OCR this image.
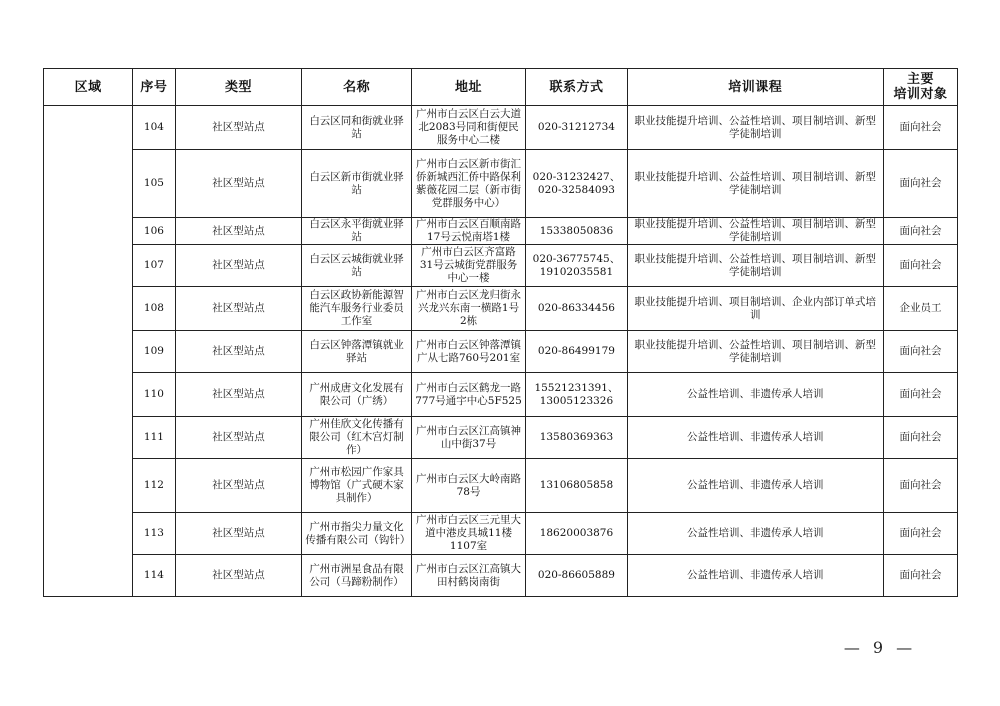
区域	序号	类型	名称	地址	联系方式	培训课程	主要
培训对象
	104	社区型站点	白云区同和街就业驿站	广州市白云区白云大道北2083号同和街便民服务中心二楼	020-31212734	职业技能提升培训、公益性培训、项目制培训、新型学徒制培训	面向社会
	105	社区型站点	白云区新市街就业驿站	广州市白云区新市街汇侨新城西汇侨中路保利紫薇花园二层（新市街党群服务中心）	020-31232427、020-32584093	职业技能提升培训、公益性培训、项目制培训、新型学徒制培训	面向社会
	106	社区型站点	白云区永平街就业驿站	广州市白云区百顺南路17号云悦南塔1楼	15338050836	职业技能提升培训、公益性培训、项目制培训、新型学徒制培训	面向社会
	107	社区型站点	白云区云城街就业驿站	广州市白云区齐富路31号云城街党群服务中心一楼	020-36775745、19102035581	职业技能提升培训、公益性培训、项目制培训、新型学徒制培训	面向社会
	108	社区型站点	白云区政协新能源智能汽车服务行业委员工作室	广州市白云区龙归街永兴龙兴东南一横路1号2栋	020-86334456	职业技能提升培训、项目制培训、企业内部订单式培训	企业员工
	109	社区型站点	白云区钟落潭镇就业驿站	广州市白云区钟落潭镇广从七路760号201室	020-86499179	职业技能提升培训、公益性培训、项目制培训、新型学徒制培训	面向社会
	110	社区型站点	广州成唐文化发展有限公司（广绣）	广州市白云区鹤龙一路777号通宇中心5F525	15521231391、13005123326	公益性培训、非遗传承人培训	面向社会
	111	社区型站点	广州佳欣文化传播有限公司（红木宫灯制作）	广州市白云区江高镇神山中街37号	13580369363	公益性培训、非遗传承人培训	面向社会
	112	社区型站点	广州市松园广作家具博物馆（广式硬木家具制作）	广州市白云区大岭南路78号	13106805858	公益性培训、非遗传承人培训	面向社会
	113	社区型站点	广州市指尖力量文化传播有限公司（钩针）	广州市白云区三元里大道中港皮具城11楼1107室	18620003876	公益性培训、非遗传承人培训	面向社会
	114	社区型站点	广州市洲星食品有限公司（马蹄粉制作）	广州市白云区江高镇大田村鹤岗南街	020-86605889	公益性培训、非遗传承人培训	面向社会
— 9 —
